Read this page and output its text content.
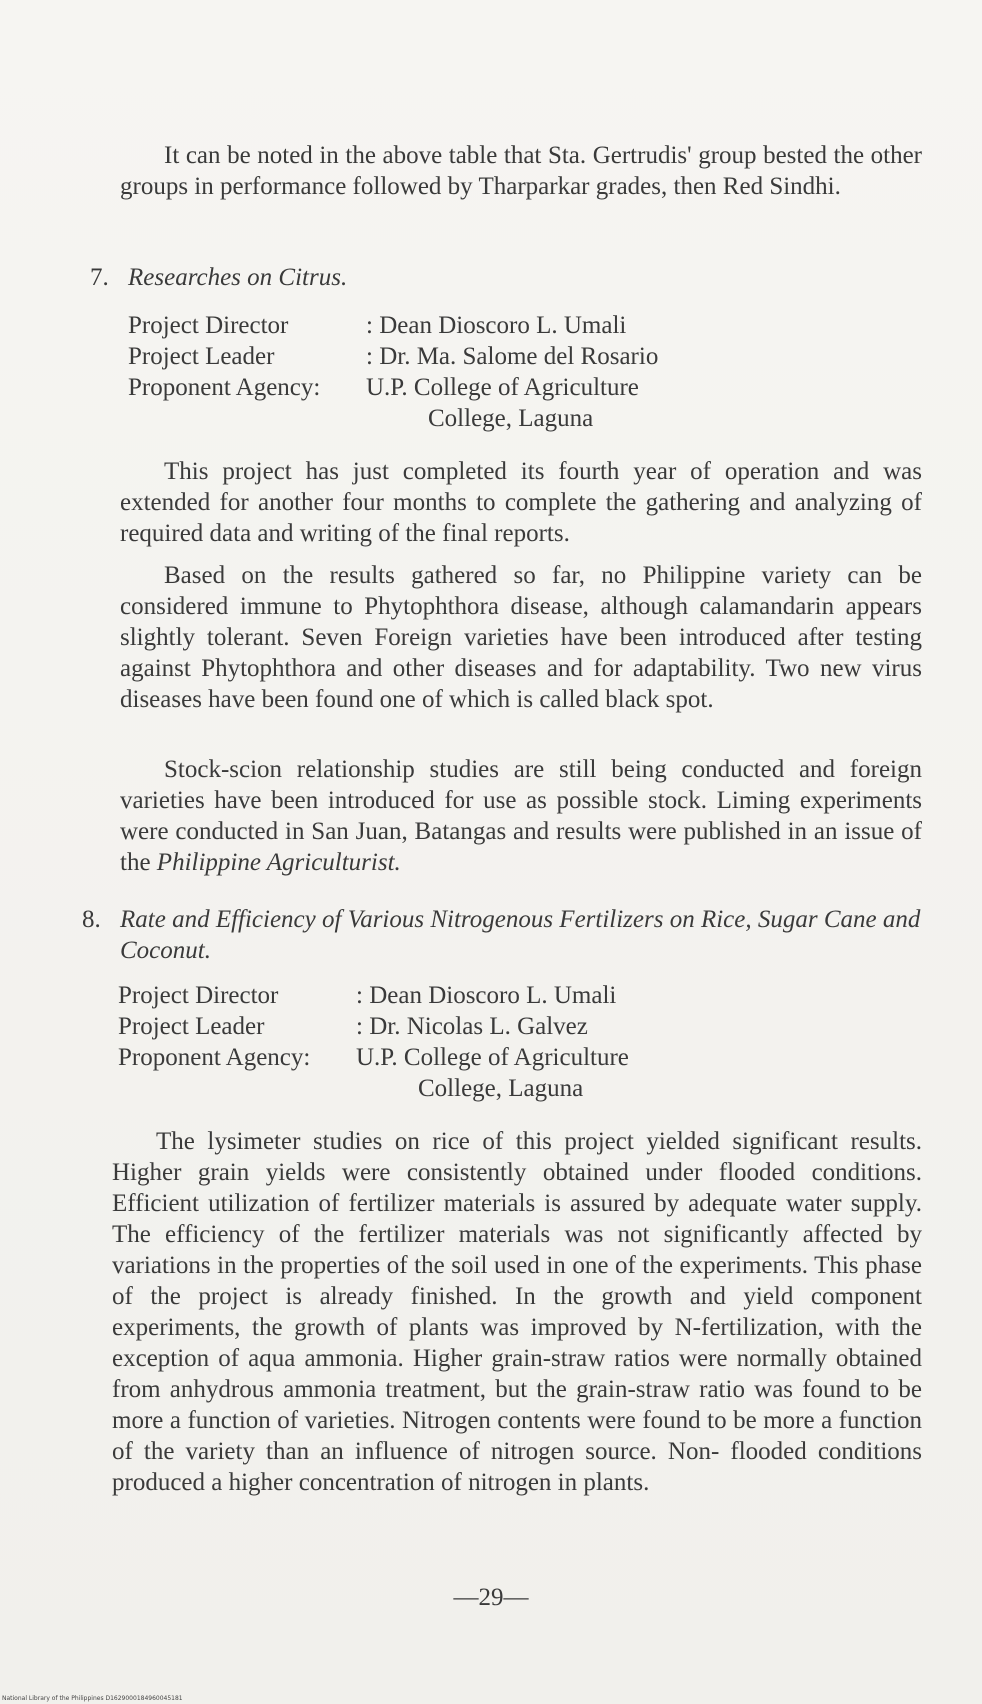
It can be noted in the above table that Sta. Gertrudis' group bested the other groups in performance followed by Tharparkar grades, then Red Sindhi.

7. Researches on Citrus.
Project Director	: Dean Dioscoro L. Umali
Project Leader	: Dr. Ma. Salome del Rosario
Proponent Agency:	U.P. College of Agriculture
College, Laguna

This project has just completed its fourth year of operation and was extended for another four months to complete the gathering and analyzing of required data and writing of the final reports.

Based on the results gathered so far, no Philippine variety can be considered immune to Phytophthora disease, although calamandarin appears slightly tolerant. Seven Foreign varieties have been introduced after testing against Phytophthora and other diseases and for adaptability. Two new virus diseases have been found one of which is called black spot.

Stock-scion relationship studies are still being conducted and foreign varieties have been introduced for use as possible stock. Liming experiments were conducted in San Juan, Batangas and results were published in an issue of the Philippine Agriculturist.

8. Rate and Efficiency of Various Nitrogenous Fertilizers on Rice, Sugar Cane and Coconut.
Project Director	: Dean Dioscoro L. Umali
Project Leader	: Dr. Nicolas L. Galvez
Proponent Agency:	U.P. College of Agriculture
College, Laguna

The lysimeter studies on rice of this project yielded significant results. Higher grain yields were consistently obtained under flooded conditions. Efficient utilization of fertilizer materials is assured by adequate water supply. The efficiency of the fertilizer materials was not significantly affected by variations in the properties of the soil used in one of the experiments. This phase of the project is already finished. In the growth and yield component experiments, the growth of plants was improved by N-fertilization, with the exception of aqua ammonia. Higher grain-straw ratios were normally obtained from anhydrous ammonia treatment, but the grain-straw ratio was found to be more a function of varieties. Nitrogen contents were found to be more a function of the variety than an influence of nitrogen source. Non- flooded conditions produced a higher concentration of nitrogen in plants.

—29—
National Library of the Philippines D1629000184960045181
